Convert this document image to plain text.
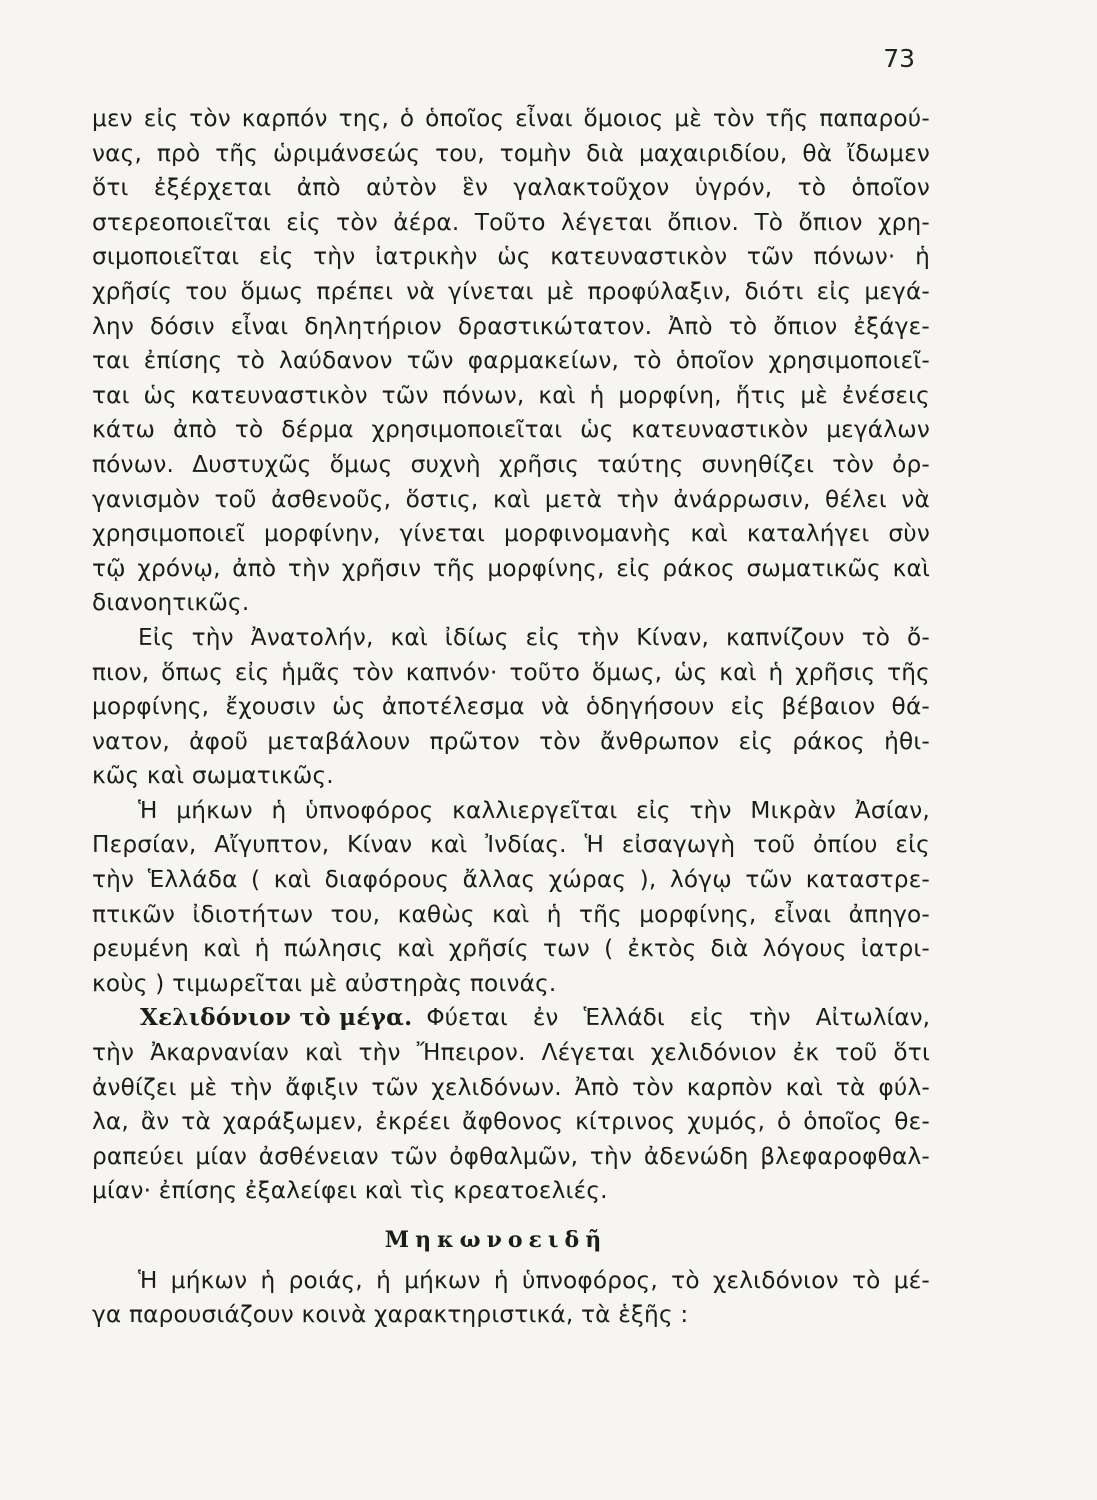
73
μεν εἰς τὸν καρπόν της, ὁ ὁποῖος εἶναι ὅμοιος μὲ τὸν τῆς παπαρού-
νας, πρὸ τῆς ὡριμάνσεώς του, τομὴν διὰ μαχαιριδίου, θὰ ἴδωμεν
ὅτι ἐξέρχεται ἀπὸ αὐτὸν ἓν γαλακτοῦχον ὑγρόν, τὸ ὁποῖον
στερεοποιεῖται εἰς τὸν ἀέρα. Τοῦτο λέγεται ὄπιον. Τὸ ὄπιον χρη-
σιμοποιεῖται εἰς τὴν ἰατρικὴν ὡς κατευναστικὸν τῶν πόνων· ἡ
χρῆσίς του ὅμως πρέπει νὰ γίνεται μὲ προφύλαξιν, διότι εἰς μεγά-
λην δόσιν εἶναι δηλητήριον δραστικώτατον. Ἀπὸ τὸ ὄπιον ἐξάγε-
ται ἐπίσης τὸ λαύδανον τῶν φαρμακείων, τὸ ὁποῖον χρησιμοποιεῖ-
ται ὡς κατευναστικὸν τῶν πόνων, καὶ ἡ μορφίνη, ἥτις μὲ ἐνέσεις
κάτω ἀπὸ τὸ δέρμα χρησιμοποιεῖται ὡς κατευναστικὸν μεγάλων
πόνων. Δυστυχῶς ὅμως συχνὴ χρῆσις ταύτης συνηθίζει τὸν ὀρ-
γανισμὸν τοῦ ἀσθενοῦς, ὅστις, καὶ μετὰ τὴν ἀνάρρωσιν, θέλει νὰ
χρησιμοποιεῖ μορφίνην, γίνεται μορφινομανὴς καὶ καταλήγει σὺν
τῷ χρόνῳ, ἀπὸ τὴν χρῆσιν τῆς μορφίνης, εἰς ράκος σωματικῶς καὶ
διανοητικῶς.
Εἰς τὴν Ἀνατολήν, καὶ ἰδίως εἰς τὴν Κίναν, καπνίζουν τὸ ὄ-
πιον, ὅπως εἰς ἡμᾶς τὸν καπνόν· τοῦτο ὅμως, ὡς καὶ ἡ χρῆσις τῆς
μορφίνης, ἔχουσιν ὡς ἀποτέλεσμα νὰ ὁδηγήσουν εἰς βέβαιον θά-
νατον, ἀφοῦ μεταβάλουν πρῶτον τὸν ἄνθρωπον εἰς ράκος ἠθι-
κῶς καὶ σωματικῶς.
Ἡ μήκων ἡ ὑπνοφόρος καλλιεργεῖται εἰς τὴν Μικρὰν Ἀσίαν,
Περσίαν, Αἴγυπτον, Κίναν καὶ Ἰνδίας. Ἡ εἰσαγωγὴ τοῦ ὀπίου εἰς
τὴν Ἑλλάδα ( καὶ διαφόρους ἄλλας χώρας ), λόγῳ τῶν καταστρε-
πτικῶν ἰδιοτήτων του, καθὼς καὶ ἡ τῆς μορφίνης, εἶναι ἀπηγο-
ρευμένη καὶ ἡ πώλησις καὶ χρῆσίς των ( ἐκτὸς διὰ λόγους ἰατρι-
κοὺς ) τιμωρεῖται μὲ αὐστηρὰς ποινάς.
Χελιδόνιον τὸ μέγα. Φύεται ἐν Ἑλλάδι εἰς τὴν Αἰτωλίαν,
τὴν Ἀκαρνανίαν καὶ τὴν Ἤπειρον. Λέγεται χελιδόνιον ἐκ τοῦ ὅτι
ἀνθίζει μὲ τὴν ἄφιξιν τῶν χελιδόνων. Ἀπὸ τὸν καρπὸν καὶ τὰ φύλ-
λα, ἂν τὰ χαράξωμεν, ἐκρέει ἄφθονος κίτρινος χυμός, ὁ ὁποῖος θε-
ραπεύει μίαν ἀσθένειαν τῶν ὀφθαλμῶν, τὴν ἀδενώδη βλεφαροφθαλ-
μίαν· ἐπίσης ἐξαλείφει καὶ τὶς κρεατοελιές.
Μηκωνοειδῆ
Ἡ μήκων ἡ ροιάς, ἡ μήκων ἡ ὑπνοφόρος, τὸ χελιδόνιον τὸ μέ-
γα παρουσιάζουν κοινὰ χαρακτηριστικά, τὰ ἑξῆς :
